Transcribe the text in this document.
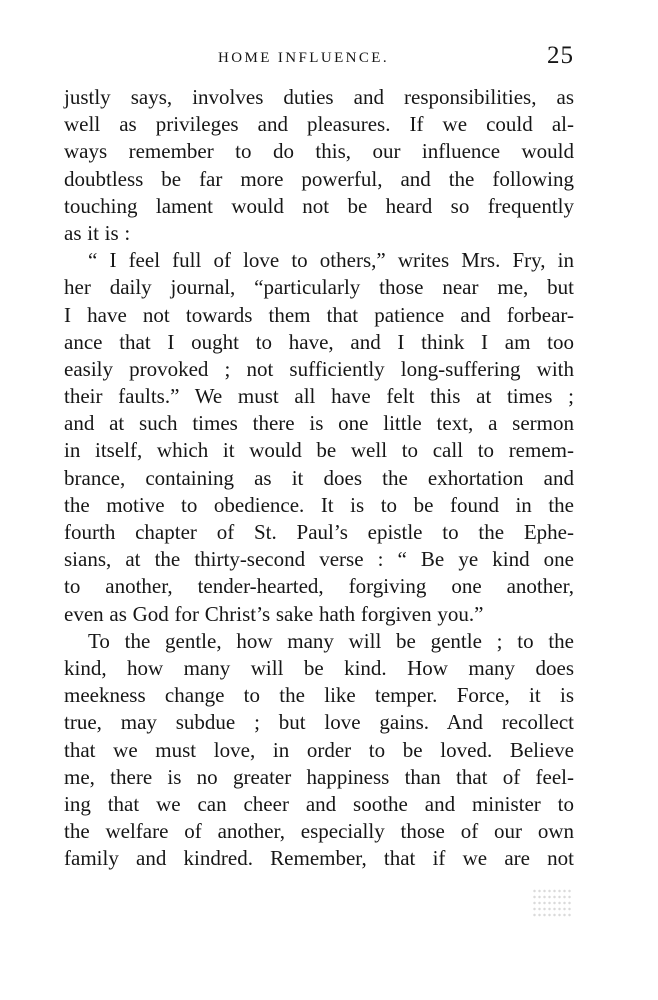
HOME INFLUENCE.	25
justly says, involves duties and responsibilities, as
well as privileges and pleasures. If we could al-
ways remember to do this, our influence would
doubtless be far more powerful, and the following
touching lament would not be heard so frequently
as it is :
“ I feel full of love to others,” writes Mrs. Fry, in
her daily journal, “particularly those near me, but
I have not towards them that patience and forbear-
ance that I ought to have, and I think I am too
easily provoked ; not sufficiently long-suffering with
their faults.” We must all have felt this at times ;
and at such times there is one little text, a sermon
in itself, which it would be well to call to remem-
brance, containing as it does the exhortation and
the motive to obedience. It is to be found in the
fourth chapter of St. Paul’s epistle to the Ephe-
sians, at the thirty-second verse : “ Be ye kind one
to another, tender-hearted, forgiving one another,
even as God for Christ’s sake hath forgiven you.”
To the gentle, how many will be gentle ; to the
kind, how many will be kind. How many does
meekness change to the like temper. Force, it is
true, may subdue ; but love gains. And recollect
that we must love, in order to be loved. Believe
me, there is no greater happiness than that of feel-
ing that we can cheer and soothe and minister to
the welfare of another, especially those of our own
family and kindred. Remember, that if we are not
